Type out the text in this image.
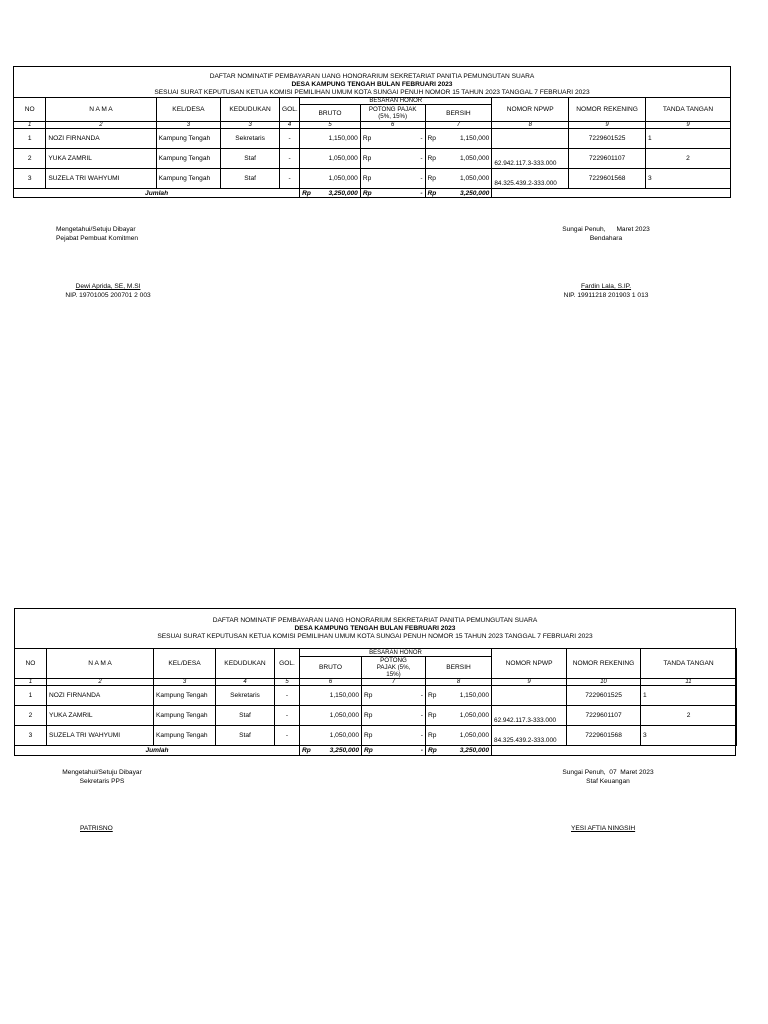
DAFTAR NOMINATIF PEMBAYARAN UANG HONORARIUM SEKRETARIAT PANITIA PEMUNGUTAN SUARA
DESA KAMPUNG TENGAH BULAN FEBRUARI 2023
SESUAI SURAT KEPUTUSAN KETUA KOMISI PEMILIHAN UMUM KOTA SUNGAI PENUH NOMOR 15 TAHUN 2023 TANGGAL 7 FEBRUARI 2023
NO	N A M A	KEL/DESA	KEDUDUKAN	GOL.	BESARAN HONOR			NOMOR NPWP	NOMOR REKENING	TANDA TANGAN
					BRUTO	POTONG PAJAK (5%, 15%)	BERSIH			
1	2	3	3	4	5	6	7	8	9	9
1	NOZI FIRNANDA	Kampung Tengah	Sekretaris	-	1,150,000	Rp -	Rp 1,150,000		7229601525	1

2	YUKA ZAMRIL	Kampung Tengah	Staf	-	1,050,000	Rp -	Rp 1,050,000	62.942.117.3-333.000	7229601107	2
3	SUZELA TRI WAHYUMI	Kampung Tengah	Staf	-	1,050,000	Rp -	Rp 1,050,000	84.325.439.2-333.000	7229601568	3

Jumlah					Rp 3,250,000	Rp -	Rp 3,250,000			

Mengetahui/Setuju Dibayar
Pejabat Pembuat Komitmen
Dewi Aprida, SE, M.SI
NIP. 19701005 200701 2 003
Sungai Penuh,      Maret 2023
Bendahara
Fardin Lala, S.IP.
NIP. 19911218 201903 1 013
DAFTAR NOMINATIF PEMBAYARAN UANG HONORARIUM SEKRETARIAT PANITIA PEMUNGUTAN SUARA
DESA KAMPUNG TENGAH BULAN FEBRUARI 2023
SESUAI SURAT KEPUTUSAN KETUA KOMISI PEMILIHAN UMUM KOTA SUNGAI PENUH NOMOR 15 TAHUN 2023 TANGGAL 7 FEBRUARI 2023
NO	N A M A	KEL/DESA	KEDUDUKAN	GOL.	BESARAN HONOR			NOMOR NPWP	NOMOR REKENING	TANDA TANGAN
					BRUTO	POTONG PAJAK (5%, 15%)	BERSIH			
1	2	3	4	5	6	7	8	9	10	11
1	NOZI FIRNANDA	Kampung Tengah	Sekretaris	-	1,150,000	Rp -	Rp 1,150,000		7229601525	1

2	YUKA ZAMRIL	Kampung Tengah	Staf	-	1,050,000	Rp -	Rp 1,050,000	62.942.117.3-333.000	7229601107	2
3	SUZELA TRI WAHYUMI	Kampung Tengah	Staf	-	1,050,000	Rp -	Rp 1,050,000	84.325.439.2-333.000	7229601568	3

Jumlah					Rp 3,250,000	Rp -	Rp 3,250,000			

Mengetahui/Setuju Dibayar
Sekretaris PPS
PATRISNO
Sungai Penuh,  07  Maret 2023
Staf Keuangan
YESI AFTIA NINGSIH
